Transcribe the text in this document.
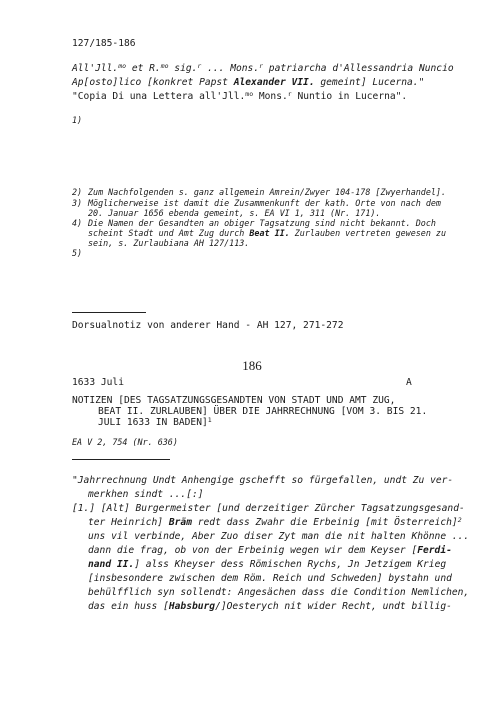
127/185-186
All'Jll.$^{mo}$ et R.$^{mo}$ sig.$^r$ ... Mons.$^r$ patriarcha d'Allessandria Nuncio
Ap[osto]lico [konkret Papst Alexander VII. gemeint] Lucerna."
"Copia Di una Lettera all'Jll.$^{mo}$ Mons.$^r$ Nuntio in Lucerna".
1)
2) Zum Nachfolgenden s. ganz allgemein Amrein/Zwyer 104-178 [Zwyerhandel].
3) Möglicherweise ist damit die Zusammenkunft der kath. Orte von nach dem
20. Januar 1656 ebenda gemeint, s. EA VI 1, 311 (Nr. 171).
4) Die Namen der Gesandten an obiger Tagsatzung sind nicht bekannt. Doch
scheint Stadt und Amt Zug durch Beat II. Zurlauben vertreten gewesen zu
sein, s. Zurlaubiana AH 127/113.
5)
Dorsualnotiz von anderer Hand - AH 127, 271-272
186
1633 Juli	A
NOTIZEN [DES TAGSATZUNGSGESANDTEN VON STADT UND AMT ZUG,
BEAT II. ZURLAUBEN] ÜBER DIE JAHRRECHNUNG [VOM 3. BIS 21.
JULI 1633 IN BADEN]$^1$
EA V 2, 754 (Nr. 636)
"Jahrrechnung Undt Anhengige gschefft so fürgefallen, undt Zu ver-
merkhen sindt ...[:]
[1.] [Alt] Burgermeister [und derzeitiger Zürcher Tagsatzungsgesand-
ter Heinrich] Bräm redt dass Zwahr die Erbeinig [mit Österreich]$^2$
uns vil verbinde, Aber Zuo diser Zyt man die nit halten Khönne ...
dann die frag, ob von der Erbeinig wegen wir dem Keyser [Ferdi-
nand II.] alss Kheyser dess Römischen Rychs, Jn Jetzigem Krieg
[insbesondere zwischen dem Röm. Reich und Schweden] bystahn und
behülfflich syn sollendt: Angesächen dass die Condition Nemlichen,
das ein huss [Habsburg/]Oesterych nit wider Recht, undt billig-
